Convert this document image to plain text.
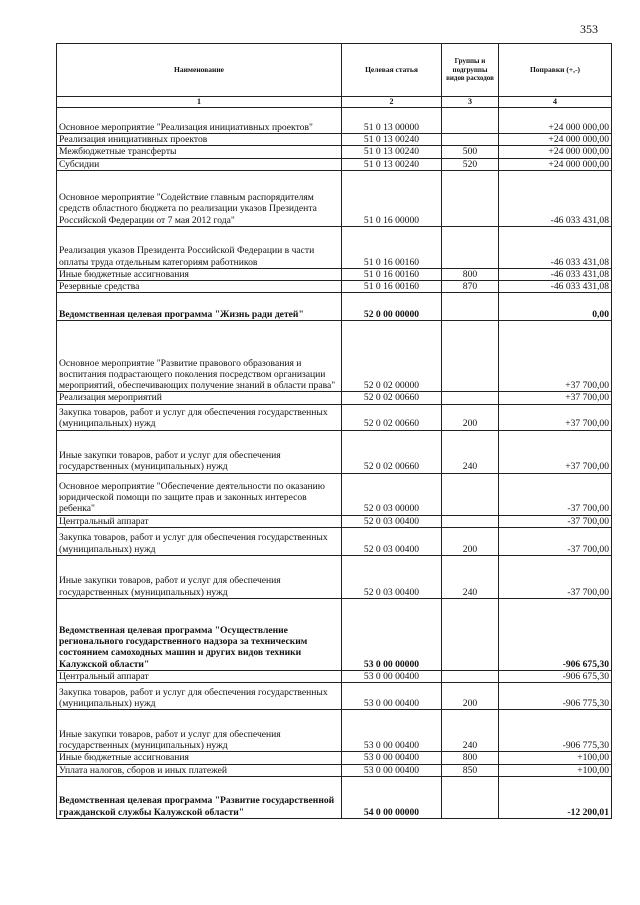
353
Наименование	Целевая статья	Группы и подгруппы видов расходов	Поправки (+,-)
1	2	3	4
Основное мероприятие "Реализация инициативных проектов"	51 0 13 00000		+24 000 000,00
Реализация инициативных проектов	51 0 13 00240		+24 000 000,00
Межбюджетные трансферты	51 0 13 00240	500	+24 000 000,00
Субсидии	51 0 13 00240	520	+24 000 000,00
Основное мероприятие "Содействие главным распорядителям средств областного бюджета по реализации указов Президента Российской Федерации от 7 мая 2012 года"	51 0 16 00000		-46 033 431,08
Реализация указов Президента Российской Федерации в части оплаты труда отдельным категориям работников	51 0 16 00160		-46 033 431,08
Иные бюджетные ассигнования	51 0 16 00160	800	-46 033 431,08
Резервные средства	51 0 16 00160	870	-46 033 431,08
Ведомственная целевая программа "Жизнь ради детей"	52 0 00 00000		0,00
Основное мероприятие "Развитие правового образования и воспитания подрастающего поколения посредством организации мероприятий, обеспечивающих получение знаний в области права"	52 0 02 00000		+37 700,00
Реализация мероприятий	52 0 02 00660		+37 700,00
Закупка товаров, работ и услуг для обеспечения государственных (муниципальных) нужд	52 0 02 00660	200	+37 700,00
Иные закупки товаров, работ и услуг для обеспечения государственных (муниципальных) нужд	52 0 02 00660	240	+37 700,00
Основное мероприятие "Обеспечение деятельности по оказанию юридической помощи по защите прав и законных интересов ребенка"	52 0 03 00000		-37 700,00
Центральный аппарат	52 0 03 00400		-37 700,00
Закупка товаров, работ и услуг для обеспечения государственных (муниципальных) нужд	52 0 03 00400	200	-37 700,00
Иные закупки товаров, работ и услуг для обеспечения государственных (муниципальных) нужд	52 0 03 00400	240	-37 700,00
Ведомственная целевая программа "Осуществление регионального государственного надзора за техническим состоянием самоходных машин и других видов техники Калужской области"	53 0 00 00000		-906 675,30
Центральный аппарат	53 0 00 00400		-906 675,30
Закупка товаров, работ и услуг для обеспечения государственных (муниципальных) нужд	53 0 00 00400	200	-906 775,30
Иные закупки товаров, работ и услуг для обеспечения государственных (муниципальных) нужд	53 0 00 00400	240	-906 775,30
Иные бюджетные ассигнования	53 0 00 00400	800	+100,00
Уплата налогов, сборов и иных платежей	53 0 00 00400	850	+100,00
Ведомственная целевая программа "Развитие государственной гражданской службы Калужской области"	54 0 00 00000		-12 200,01
